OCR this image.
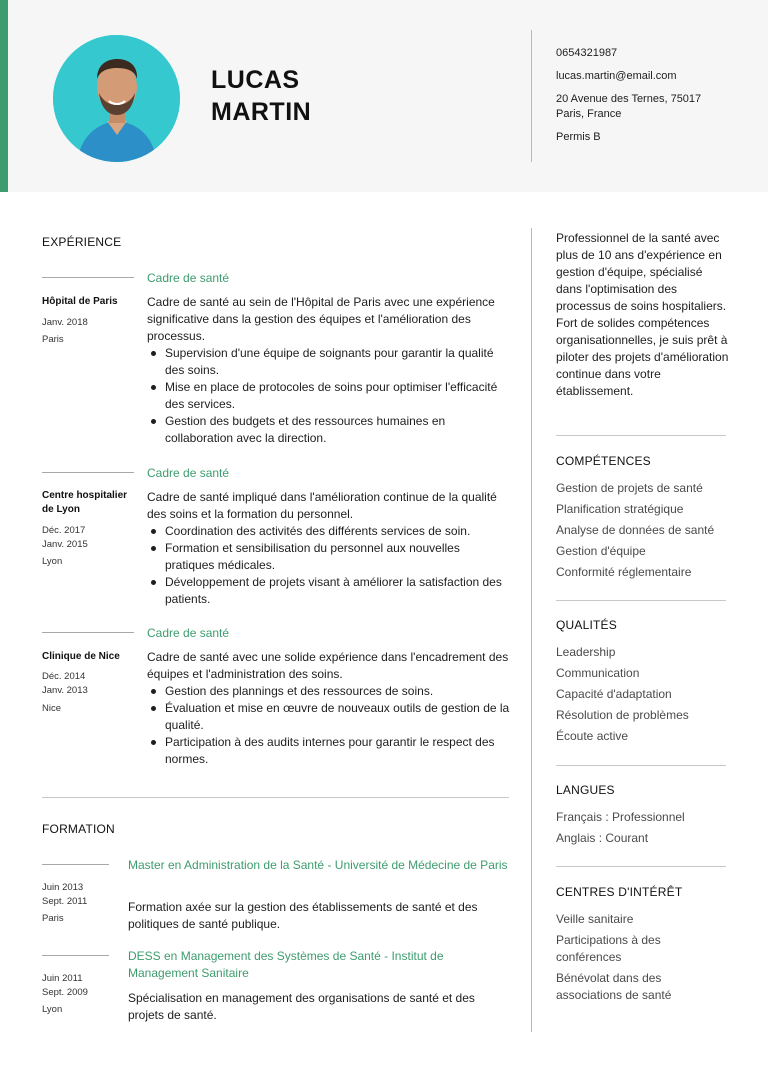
LUCAS
MARTIN
0654321987
lucas.martin@email.com
20 Avenue des Ternes, 75017
Paris, France
Permis B
EXPÉRIENCE
Cadre de santé
Hôpital de Paris
Janv. 2018
Paris
Cadre de santé au sein de l'Hôpital de Paris avec une expérience significative dans la gestion des équipes et l'amélioration des processus.
Supervision d'une équipe de soignants pour garantir la qualité des soins.
Mise en place de protocoles de soins pour optimiser l'efficacité des services.
Gestion des budgets et des ressources humaines en collaboration avec la direction.
Cadre de santé
Centre hospitalier de Lyon
Déc. 2017
Janv. 2015
Lyon
Cadre de santé impliqué dans l'amélioration continue de la qualité des soins et la formation du personnel.
Coordination des activités des différents services de soin.
Formation et sensibilisation du personnel aux nouvelles pratiques médicales.
Développement de projets visant à améliorer la satisfaction des patients.
Cadre de santé
Clinique de Nice
Déc. 2014
Janv. 2013
Nice
Cadre de santé avec une solide expérience dans l'encadrement des équipes et l'administration des soins.
Gestion des plannings et des ressources de soins.
Évaluation et mise en œuvre de nouveaux outils de gestion de la qualité.
Participation à des audits internes pour garantir le respect des normes.
FORMATION
Master en Administration de la Santé - Université de Médecine de Paris
Juin 2013
Sept. 2011
Paris
Formation axée sur la gestion des établissements de santé et des politiques de santé publique.
DESS en Management des Systèmes de Santé - Institut de Management Sanitaire
Juin 2011
Sept. 2009
Lyon
Spécialisation en management des organisations de santé et des projets de santé.
Professionnel de la santé avec plus de 10 ans d'expérience en gestion d'équipe, spécialisé dans l'optimisation des processus de soins hospitaliers. Fort de solides compétences organisationnelles, je suis prêt à piloter des projets d'amélioration continue dans votre établissement.
COMPÉTENCES
Gestion de projets de santé
Planification stratégique
Analyse de données de santé
Gestion d'équipe
Conformité réglementaire
QUALITÉS
Leadership
Communication
Capacité d'adaptation
Résolution de problèmes
Écoute active
LANGUES
Français : Professionnel
Anglais : Courant
CENTRES D'INTÉRÊT
Veille sanitaire
Participations à des conférences
Bénévolat dans des associations de santé
